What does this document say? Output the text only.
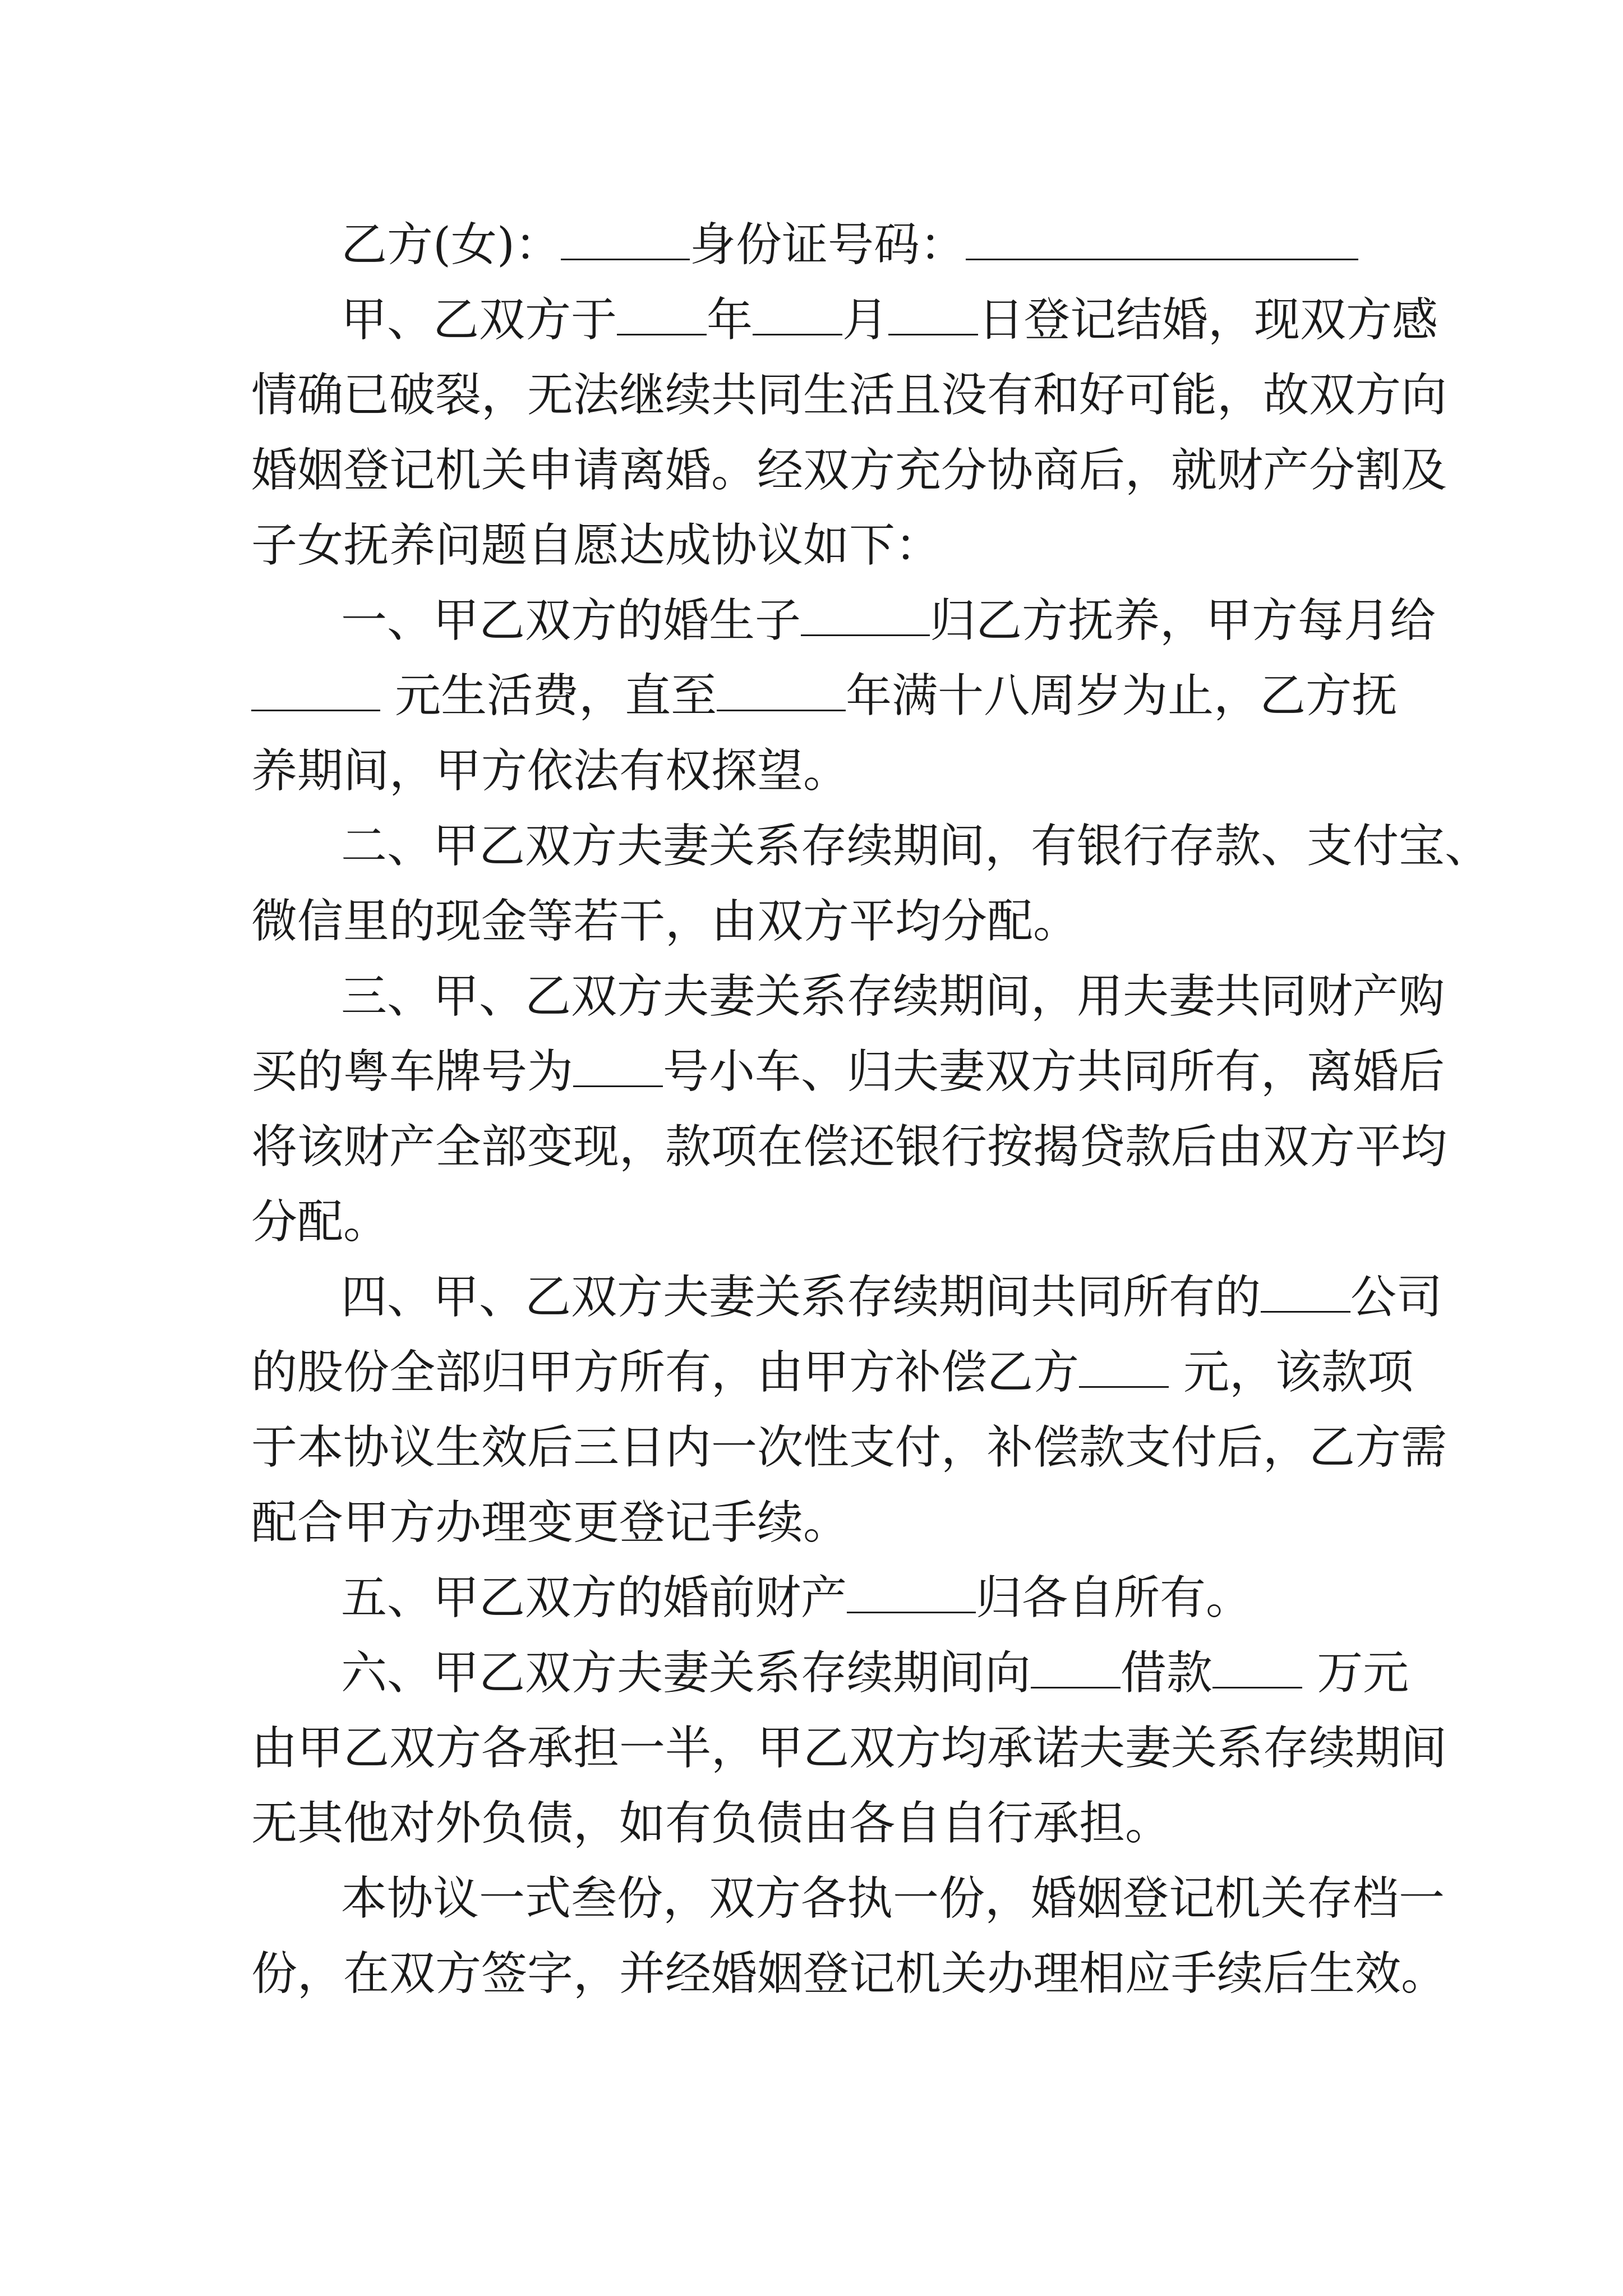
乙方(女)：	身份证号码：
甲、乙双方于 年 月 日登记结婚，现双方感
情确已破裂，无法继续共同生活且没有和好可能，故双方向
婚姻登记机关申请离婚。经双方充分协商后，就财产分割及
子女抚养问题自愿达成协议如下：
一、甲乙双方的婚生子	归乙方抚养，甲方每月给
元生活费，直至	年满十八周岁为止，乙方抚
养期间，甲方依法有权探望。
二、甲乙双方夫妻关系存续期间，有银行存款、支付宝、
微信里的现金等若干，由双方平均分配。
三、甲、乙双方夫妻关系存续期间，用夫妻共同财产购
买的粤车牌号为 号小车、归夫妻双方共同所有，离婚后
将该财产全部变现，款项在偿还银行按揭贷款后由双方平均
分配。
四、甲、乙双方夫妻关系存续期间共同所有的 公司
的股份全部归甲方所有，由甲方补偿乙方 元，该款项
于本协议生效后三日内一次性支付，补偿款支付后，乙方需
配合甲方办理变更登记手续。
五、甲乙双方的婚前财产	归各自所有。
六、甲乙双方夫妻关系存续期间向 借款 万元
由甲乙双方各承担一半，甲乙双方均承诺夫妻关系存续期间
无其他对外负债，如有负债由各自自行承担。
本协议一式叁份，双方各执一份，婚姻登记机关存档一
份，在双方签字，并经婚姻登记机关办理相应手续后生效。
